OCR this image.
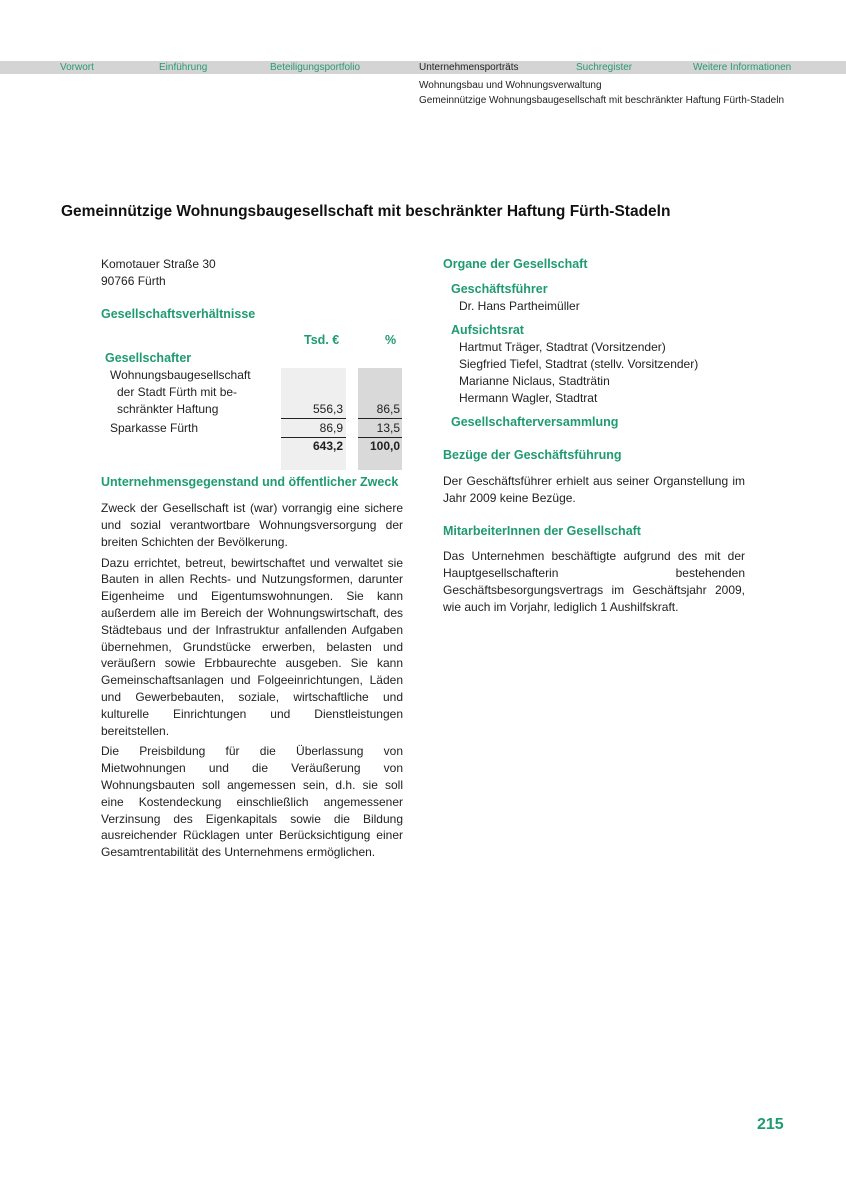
Vorwort	Einführung	Beteiligungsportfolio	Unternehmensporträts	Suchregister	Weitere Informationen
Wohnungsbau und Wohnungsverwaltung
Gemeinnützige Wohnungsbaugesellschaft mit beschränkter Haftung Fürth-Stadeln
Gemeinnützige Wohnungsbaugesellschaft mit beschränkter Haftung Fürth-Stadeln
Komotauer Straße 30
90766 Fürth
Gesellschaftsverhältnisse
Tsd. €	%
Gesellschafter
Wohnungsbaugesellschaft
der Stadt Fürth mit be-
schränkter Haftung	556,3	86,5
Sparkasse Fürth	86,9	13,5
643,2	100,0
Unternehmensgegenstand und öffentlicher Zweck

Zweck der Gesellschaft ist (war) vorrangig eine sichere und sozial verantwortbare Wohnungsversorgung der breiten Schichten der Bevölkerung.

Dazu errichtet, betreut, bewirtschaftet und verwaltet sie Bauten in allen Rechts- und Nutzungsformen, darunter Eigenheime und Eigentumswohnungen. Sie kann außerdem alle im Bereich der Wohnungswirtschaft, des Städtebaus und der Infrastruktur anfallenden Aufgaben übernehmen, Grundstücke erwerben, belasten und veräußern sowie Erbbaurechte ausgeben. Sie kann Gemeinschaftsanlagen und Folgeeinrichtungen, Läden und Gewerbebauten, soziale, wirtschaftliche und kulturelle Einrichtungen und Dienstleistungen bereitstellen.

Die Preisbildung für die Überlassung von Mietwohnungen und die Veräußerung von Wohnungsbauten soll angemessen sein, d.h. sie soll eine Kostendeckung einschließlich angemessener Verzinsung des Eigenkapitals sowie die Bildung ausreichender Rücklagen unter Berücksichtigung einer Gesamtrentabilität des Unternehmens ermöglichen.

Organe der Gesellschaft
Geschäftsführer
Dr. Hans Partheimüller
Aufsichtsrat
Hartmut Träger, Stadtrat (Vorsitzender)
Siegfried Tiefel, Stadtrat (stellv. Vorsitzender)
Marianne Niclaus, Stadträtin
Hermann Wagler, Stadtrat
Gesellschafterversammlung
Bezüge der Geschäftsführung

Der Geschäftsführer erhielt aus seiner Organstellung im Jahr 2009 keine Bezüge.

MitarbeiterInnen der Gesellschaft

Das Unternehmen beschäftigte aufgrund des mit der Hauptgesellschafterin bestehenden Geschäftsbesorgungsvertrags im Geschäftsjahr 2009, wie auch im Vorjahr, lediglich 1 Aushilfskraft.

215
